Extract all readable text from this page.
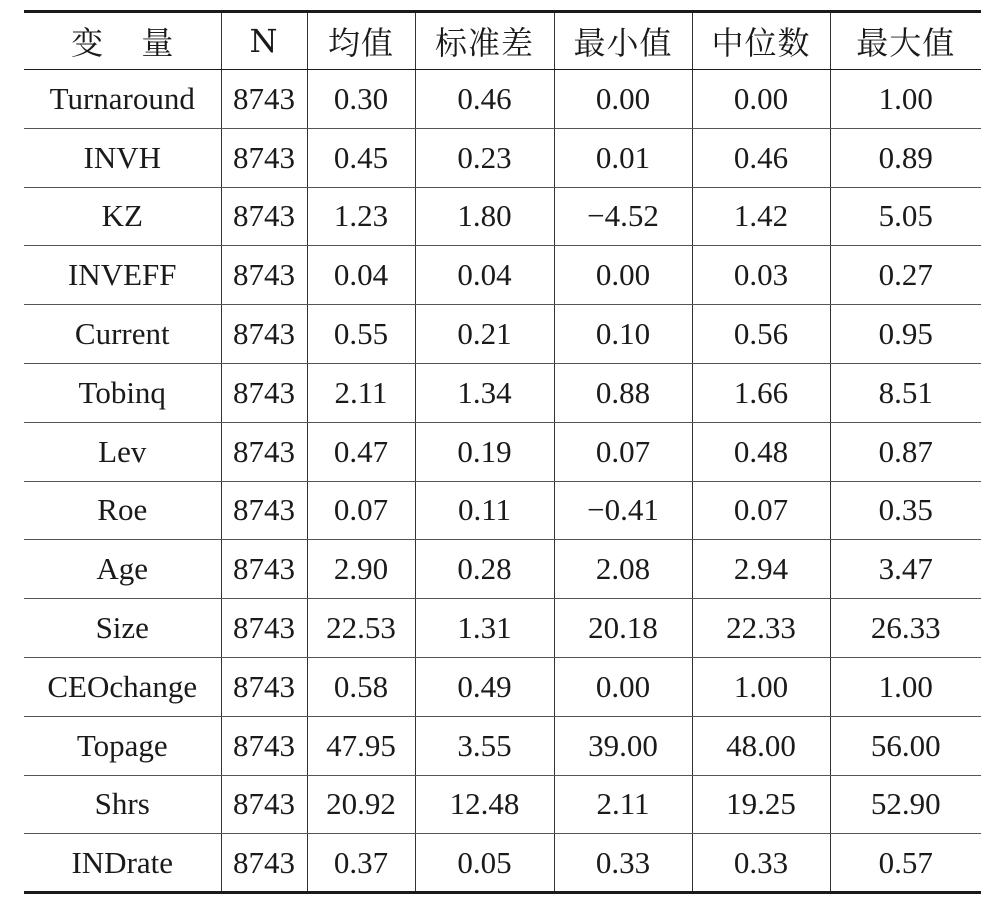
变 量	N	均值	标准差	最小值	中位数	最大值
Turnaround	8743	0.30	0.46	0.00	0.00	1.00
INVH	8743	0.45	0.23	0.01	0.46	0.89
KZ	8743	1.23	1.80	−4.52	1.42	5.05
INVEFF	8743	0.04	0.04	0.00	0.03	0.27
Current	8743	0.55	0.21	0.10	0.56	0.95
Tobinq	8743	2.11	1.34	0.88	1.66	8.51
Lev	8743	0.47	0.19	0.07	0.48	0.87
Roe	8743	0.07	0.11	−0.41	0.07	0.35
Age	8743	2.90	0.28	2.08	2.94	3.47
Size	8743	22.53	1.31	20.18	22.33	26.33
CEOchange	8743	0.58	0.49	0.00	1.00	1.00
Topage	8743	47.95	3.55	39.00	48.00	56.00
Shrs	8743	20.92	12.48	2.11	19.25	52.90
INDrate	8743	0.37	0.05	0.33	0.33	0.57
